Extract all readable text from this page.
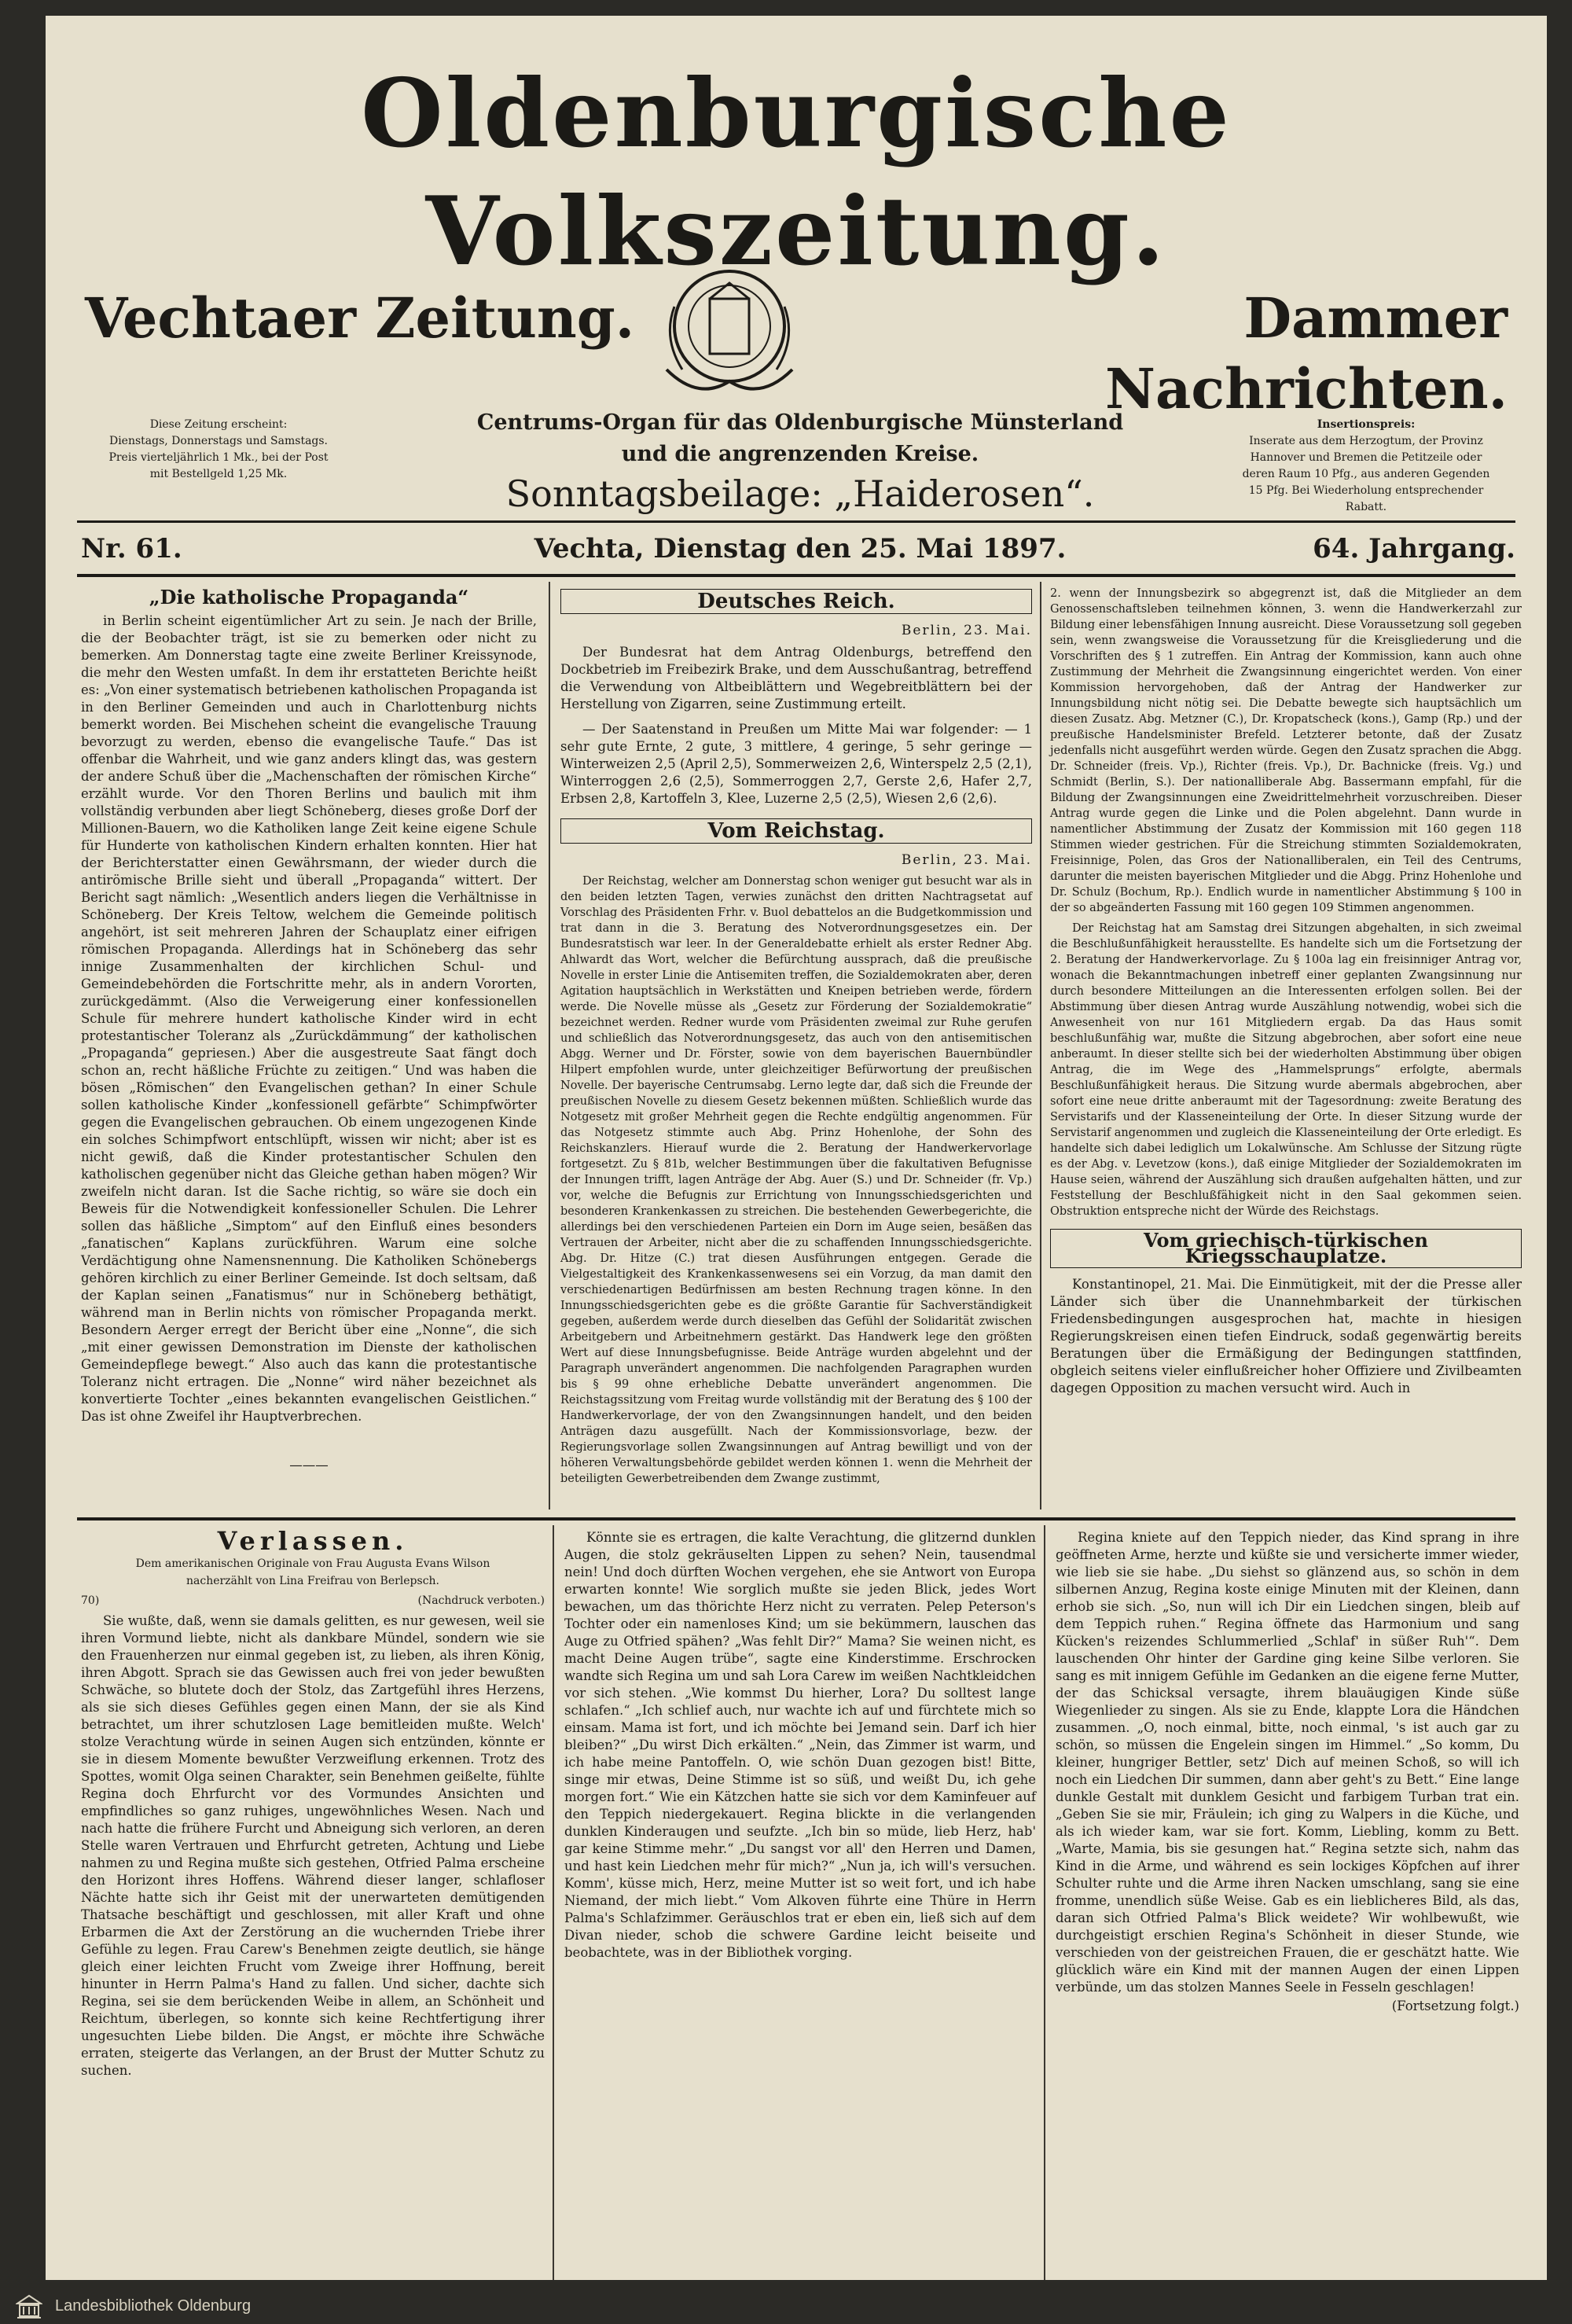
Oldenburgische Volkszeitung.
Vechtaer Zeitung.	Dammer Nachrichten.
Diese Zeitung erscheint:
Dienstags, Donnerstags und Samstags.
Preis vierteljährlich 1 Mk., bei der Post
mit Bestellgeld 1,25 Mk.
Centrums-Organ für das Oldenburgische Münsterland
und die angrenzenden Kreise.
Insertionspreis:
Inserate aus dem Herzogtum, der Provinz
Hannover und Bremen die Petitzeile oder
deren Raum 10 Pfg., aus anderen Gegenden
15 Pfg. Bei Wiederholung entsprechender
Rabatt.
Sonntagsbeilage: „Haiderosen“.
Nr. 61.	Vechta, Dienstag den 25. Mai 1897.	64. Jahrgang.
„Die katholische Propaganda“

in Berlin scheint eigentümlicher Art zu sein. Je nach der Brille, die der Beobachter trägt, ist sie zu bemerken oder nicht zu bemerken. Am Donnerstag tagte eine zweite Berliner Kreissynode, die mehr den Westen umfaßt. In dem ihr erstatteten Berichte heißt es: „Von einer systematisch betriebenen katholischen Propaganda ist in den Berliner Gemeinden und auch in Charlottenburg nichts bemerkt worden. Bei Mischehen scheint die evangelische Trauung bevorzugt zu werden, ebenso die evangelische Taufe.“ Das ist offenbar die Wahrheit, und wie ganz anders klingt das, was gestern der andere Schuß über die „Machenschaften der römischen Kirche“ erzählt wurde. Vor den Thoren Berlins und baulich mit ihm vollständig verbunden aber liegt Schöneberg, dieses große Dorf der Millionen-Bauern, wo die Katholiken lange Zeit keine eigene Schule für Hunderte von katholischen Kindern erhalten konnten. Hier hat der Berichterstatter einen Gewährsmann, der wieder durch die antirömische Brille sieht und überall „Propaganda“ wittert. Der Bericht sagt nämlich: „Wesentlich anders liegen die Verhältnisse in Schöneberg. Der Kreis Teltow, welchem die Gemeinde politisch angehört, ist seit mehreren Jahren der Schauplatz einer eifrigen römischen Propaganda. Allerdings hat in Schöneberg das sehr innige Zusammenhalten der kirchlichen Schul- und Gemeindebehörden die Fortschritte mehr, als in andern Vororten, zurückgedämmt. (Also die Verweigerung einer konfessionellen Schule für mehrere hundert katholische Kinder wird in echt protestantischer Toleranz als „Zurückdämmung“ der katholischen „Propaganda“ gepriesen.) Aber die ausgestreute Saat fängt doch schon an, recht häßliche Früchte zu zeitigen.“ Und was haben die bösen „Römischen“ den Evangelischen gethan? In einer Schule sollen katholische Kinder „konfessionell gefärbte“ Schimpfwörter gegen die Evangelischen gebrauchen. Ob einem ungezogenen Kinde ein solches Schimpfwort entschlüpft, wissen wir nicht; aber ist es nicht gewiß, daß die Kinder protestantischer Schulen den katholischen gegenüber nicht das Gleiche gethan haben mögen? Wir zweifeln nicht daran. Ist die Sache richtig, so wäre sie doch ein Beweis für die Notwendigkeit konfessioneller Schulen. Die Lehrer sollen das häßliche „Simptom“ auf den Einfluß eines besonders „fanatischen“ Kaplans zurückführen. Warum eine solche Verdächtigung ohne Namensnennung. Die Katholiken Schönebergs gehören kirchlich zu einer Berliner Gemeinde. Ist doch seltsam, daß der Kaplan seinen „Fanatismus“ nur in Schöneberg bethätigt, während man in Berlin nichts von römischer Propaganda merkt. Besondern Aerger erregt der Bericht über eine „Nonne“, die sich „mit einer gewissen Demonstration im Dienste der katholischen Gemeindepflege bewegt.“ Also auch das kann die protestantische Toleranz nicht ertragen. Die „Nonne“ wird näher bezeichnet als konvertierte Tochter „eines bekannten evangelischen Geistlichen.“ Das ist ohne Zweifel ihr Hauptverbrechen.

———
Deutsches Reich.
Berlin, 23. Mai.

Der Bundesrat hat dem Antrag Oldenburgs, betreffend den Dockbetrieb im Freibezirk Brake, und dem Ausschußantrag, betreffend die Verwendung von Altbeiblättern und Wegebreitblättern bei der Herstellung von Zigarren, seine Zustimmung erteilt.

— Der Saatenstand in Preußen um Mitte Mai war folgender: — 1 sehr gute Ernte, 2 gute, 3 mittlere, 4 geringe, 5 sehr geringe — Winterweizen 2,5 (April 2,5), Sommerweizen 2,6, Winterspelz 2,5 (2,1), Winterroggen 2,6 (2,5), Sommerroggen 2,7, Gerste 2,6, Hafer 2,7, Erbsen 2,8, Kartoffeln 3, Klee, Luzerne 2,5 (2,5), Wiesen 2,6 (2,6).

Vom Reichstag.
Berlin, 23. Mai.

Der Reichstag, welcher am Donnerstag schon weniger gut besucht war als in den beiden letzten Tagen, verwies zunächst den dritten Nachtragsetat auf Vorschlag des Präsidenten Frhr. v. Buol debattelos an die Budgetkommission und trat dann in die 3. Beratung des Notverordnungsgesetzes ein. Der Bundesratstisch war leer. In der Generaldebatte erhielt als erster Redner Abg. Ahlwardt das Wort, welcher die Befürchtung aussprach, daß die preußische Novelle in erster Linie die Antisemiten treffen, die Sozialdemokraten aber, deren Agitation hauptsächlich in Werkstätten und Kneipen betrieben werde, fördern werde. Die Novelle müsse als „Gesetz zur Förderung der Sozialdemokratie“ bezeichnet werden. Redner wurde vom Präsidenten zweimal zur Ruhe gerufen und schließlich das Notverordnungsgesetz, das auch von den antisemitischen Abgg. Werner und Dr. Förster, sowie von dem bayerischen Bauernbündler Hilpert empfohlen wurde, unter gleichzeitiger Befürwortung der preußischen Novelle. Der bayerische Centrumsabg. Lerno legte dar, daß sich die Freunde der preußischen Novelle zu diesem Gesetz bekennen müßten. Schließlich wurde das Notgesetz mit großer Mehrheit gegen die Rechte endgültig angenommen. Für das Notgesetz stimmte auch Abg. Prinz Hohenlohe, der Sohn des Reichskanzlers. Hierauf wurde die 2. Beratung der Handwerkervorlage fortgesetzt. Zu § 81b, welcher Bestimmungen über die fakultativen Befugnisse der Innungen trifft, lagen Anträge der Abg. Auer (S.) und Dr. Schneider (fr. Vp.) vor, welche die Befugnis zur Errichtung von Innungsschiedsgerichten und besonderen Krankenkassen zu streichen. Die bestehenden Gewerbegerichte, die allerdings bei den verschiedenen Parteien ein Dorn im Auge seien, besäßen das Vertrauen der Arbeiter, nicht aber die zu schaffenden Innungsschiedsgerichte. Abg. Dr. Hitze (C.) trat diesen Ausführungen entgegen. Gerade die Vielgestaltigkeit des Krankenkassenwesens sei ein Vorzug, da man damit den verschiedenartigen Bedürfnissen am besten Rechnung tragen könne. In den Innungsschiedsgerichten gebe es die größte Garantie für Sachverständigkeit gegeben, außerdem werde durch dieselben das Gefühl der Solidarität zwischen Arbeitgebern und Arbeitnehmern gestärkt. Das Handwerk lege den größten Wert auf diese Innungsbefugnisse. Beide Anträge wurden abgelehnt und der Paragraph unverändert angenommen. Die nachfolgenden Paragraphen wurden bis § 99 ohne erhebliche Debatte unverändert angenommen. Die Reichstagssitzung vom Freitag wurde vollständig mit der Beratung des § 100 der Handwerkervorlage, der von den Zwangsinnungen handelt, und den beiden Anträgen dazu ausgefüllt. Nach der Kommissionsvorlage, bezw. der Regierungsvorlage sollen Zwangsinnungen auf Antrag bewilligt und von der höheren Verwaltungsbehörde gebildet werden können 1. wenn die Mehrheit der beteiligten Gewerbetreibenden dem Zwange zustimmt,

2. wenn der Innungsbezirk so abgegrenzt ist, daß die Mitglieder an dem Genossenschaftsleben teilnehmen können, 3. wenn die Handwerkerzahl zur Bildung einer lebensfähigen Innung ausreicht. Diese Voraussetzung soll gegeben sein, wenn zwangsweise die Voraussetzung für die Kreisgliederung und die Vorschriften des § 1 zutreffen. Ein Antrag der Kommission, kann auch ohne Zustimmung der Mehrheit die Zwangsinnung eingerichtet werden. Von einer Kommission hervorgehoben, daß der Antrag der Handwerker zur Innungsbildung nicht nötig sei. Die Debatte bewegte sich hauptsächlich um diesen Zusatz. Abg. Metzner (C.), Dr. Kropatscheck (kons.), Gamp (Rp.) und der preußische Handelsminister Brefeld. Letzterer betonte, daß der Zusatz jedenfalls nicht ausgeführt werden würde. Gegen den Zusatz sprachen die Abgg. Dr. Schneider (freis. Vp.), Richter (freis. Vp.), Dr. Bachnicke (freis. Vg.) und Schmidt (Berlin, S.). Der nationalliberale Abg. Bassermann empfahl, für die Bildung der Zwangsinnungen eine Zweidrittelmehrheit vorzuschreiben. Dieser Antrag wurde gegen die Linke und die Polen abgelehnt. Dann wurde in namentlicher Abstimmung der Zusatz der Kommission mit 160 gegen 118 Stimmen wieder gestrichen. Für die Streichung stimmten Sozialdemokraten, Freisinnige, Polen, das Gros der Nationalliberalen, ein Teil des Centrums, darunter die meisten bayerischen Mitglieder und die Abgg. Prinz Hohenlohe und Dr. Schulz (Bochum, Rp.). Endlich wurde in namentlicher Abstimmung § 100 in der so abgeänderten Fassung mit 160 gegen 109 Stimmen angenommen.

Der Reichstag hat am Samstag drei Sitzungen abgehalten, in sich zweimal die Beschlußunfähigkeit herausstellte. Es handelte sich um die Fortsetzung der 2. Beratung der Handwerkervorlage. Zu § 100a lag ein freisinniger Antrag vor, wonach die Bekanntmachungen inbetreff einer geplanten Zwangsinnung nur durch besondere Mitteilungen an die Interessenten erfolgen sollen. Bei der Abstimmung über diesen Antrag wurde Auszählung notwendig, wobei sich die Anwesenheit von nur 161 Mitgliedern ergab. Da das Haus somit beschlußunfähig war, mußte die Sitzung abgebrochen, aber sofort eine neue anberaumt. In dieser stellte sich bei der wiederholten Abstimmung über obigen Antrag, die im Wege des „Hammelsprungs“ erfolgte, abermals Beschlußunfähigkeit heraus. Die Sitzung wurde abermals abgebrochen, aber sofort eine neue dritte anberaumt mit der Tagesordnung: zweite Beratung des Servistarifs und der Klasseneinteilung der Orte. In dieser Sitzung wurde der Servistarif angenommen und zugleich die Klasseneinteilung der Orte erledigt. Es handelte sich dabei lediglich um Lokalwünsche. Am Schlusse der Sitzung rügte es der Abg. v. Levetzow (kons.), daß einige Mitglieder der Sozialdemokraten im Hause seien, während der Auszählung sich draußen aufgehalten hätten, und zur Feststellung der Beschlußfähigkeit nicht in den Saal gekommen seien. Obstruktion entspreche nicht der Würde des Reichstags.

Vom griechisch-türkischen Kriegsschauplatze.

Konstantinopel, 21. Mai. Die Einmütigkeit, mit der die Presse aller Länder sich über die Unannehmbarkeit der türkischen Friedensbedingungen ausgesprochen hat, machte in hiesigen Regierungskreisen einen tiefen Eindruck, sodaß gegenwärtig bereits Beratungen über die Ermäßigung der Bedingungen stattfinden, obgleich seitens vieler einflußreicher hoher Offiziere und Zivilbeamten dagegen Opposition zu machen versucht wird. Auch in

Verlassen.
Dem amerikanischen Originale von Frau Augusta Evans Wilson
nacherzählt von Lina Freifrau von Berlepsch.
70)	(Nachdruck verboten.)

Sie wußte, daß, wenn sie damals gelitten, es nur gewesen, weil sie ihren Vormund liebte, nicht als dankbare Mündel, sondern wie sie den Frauenherzen nur einmal gegeben ist, zu lieben, als ihren König, ihren Abgott. Sprach sie das Gewissen auch frei von jeder bewußten Schwäche, so blutete doch der Stolz, das Zartgefühl ihres Herzens, als sie sich dieses Gefühles gegen einen Mann, der sie als Kind betrachtet, um ihrer schutzlosen Lage bemitleiden mußte. Welch' stolze Verachtung würde in seinen Augen sich entzünden, könnte er sie in diesem Momente bewußter Verzweiflung erkennen. Trotz des Spottes, womit Olga seinen Charakter, sein Benehmen geißelte, fühlte Regina doch Ehrfurcht vor des Vormundes Ansichten und empfindliches so ganz ruhiges, ungewöhnliches Wesen. Nach und nach hatte die frühere Furcht und Abneigung sich verloren, an deren Stelle waren Vertrauen und Ehrfurcht getreten, Achtung und Liebe nahmen zu und Regina mußte sich gestehen, Otfried Palma erscheine den Horizont ihres Hoffens. Während dieser langer, schlafloser Nächte hatte sich ihr Geist mit der unerwarteten demütigenden Thatsache beschäftigt und geschlossen, mit aller Kraft und ohne Erbarmen die Axt der Zerstörung an die wuchernden Triebe ihrer Gefühle zu legen. Frau Carew's Benehmen zeigte deutlich, sie hänge gleich einer leichten Frucht vom Zweige ihrer Hoffnung, bereit hinunter in Herrn Palma's Hand zu fallen. Und sicher, dachte sich Regina, sei sie dem berückenden Weibe in allem, an Schönheit und Reichtum, überlegen, so konnte sich keine Rechtfertigung ihrer ungesuchten Liebe bilden. Die Angst, er möchte ihre Schwäche erraten, steigerte das Verlangen, an der Brust der Mutter Schutz zu suchen.

Könnte sie es ertragen, die kalte Verachtung, die glitzernd dunklen Augen, die stolz gekräuselten Lippen zu sehen? Nein, tausendmal nein! Und doch dürften Wochen vergehen, ehe sie Antwort von Europa erwarten konnte! Wie sorglich mußte sie jeden Blick, jedes Wort bewachen, um das thörichte Herz nicht zu verraten. Pelep Peterson's Tochter oder ein namenloses Kind; um sie bekümmern, lauschen das Auge zu Otfried spähen? „Was fehlt Dir?“ Mama? Sie weinen nicht, es macht Deine Augen trübe“, sagte eine Kinderstimme. Erschrocken wandte sich Regina um und sah Lora Carew im weißen Nachtkleidchen vor sich stehen. „Wie kommst Du hierher, Lora? Du solltest lange schlafen.“ „Ich schlief auch, nur wachte ich auf und fürchtete mich so einsam. Mama ist fort, und ich möchte bei Jemand sein. Darf ich hier bleiben?“ „Du wirst Dich erkälten.“ „Nein, das Zimmer ist warm, und ich habe meine Pantoffeln. O, wie schön Duan gezogen bist! Bitte, singe mir etwas, Deine Stimme ist so süß, und weißt Du, ich gehe morgen fort.“ Wie ein Kätzchen hatte sie sich vor dem Kaminfeuer auf den Teppich niedergekauert. Regina blickte in die verlangenden dunklen Kinderaugen und seufzte. „Ich bin so müde, lieb Herz, hab' gar keine Stimme mehr.“ „Du sangst vor all' den Herren und Damen, und hast kein Liedchen mehr für mich?“ „Nun ja, ich will's versuchen. Komm', küsse mich, Herz, meine Mutter ist so weit fort, und ich habe Niemand, der mich liebt.“ Vom Alkoven führte eine Thüre in Herrn Palma's Schlafzimmer. Geräuschlos trat er eben ein, ließ sich auf dem Divan nieder, schob die schwere Gardine leicht beiseite und beobachtete, was in der Bibliothek vorging.

Regina kniete auf den Teppich nieder, das Kind sprang in ihre geöffneten Arme, herzte und küßte sie und versicherte immer wieder, wie lieb sie sie habe. „Du siehst so glänzend aus, so schön in dem silbernen Anzug, Regina koste einige Minuten mit der Kleinen, dann erhob sie sich. „So, nun will ich Dir ein Liedchen singen, bleib auf dem Teppich ruhen.“ Regina öffnete das Harmonium und sang Kücken's reizendes Schlummerlied „Schlaf' in süßer Ruh'“. Dem lauschenden Ohr hinter der Gardine ging keine Silbe verloren. Sie sang es mit innigem Gefühle im Gedanken an die eigene ferne Mutter, der das Schicksal versagte, ihrem blauäugigen Kinde süße Wiegenlieder zu singen. Als sie zu Ende, klappte Lora die Händchen zusammen. „O, noch einmal, bitte, noch einmal, 's ist auch gar zu schön, so müssen die Engelein singen im Himmel.“ „So komm, Du kleiner, hungriger Bettler, setz' Dich auf meinen Schoß, so will ich noch ein Liedchen Dir summen, dann aber geht's zu Bett.“ Eine lange dunkle Gestalt mit dunklem Gesicht und farbigem Turban trat ein. „Geben Sie sie mir, Fräulein; ich ging zu Walpers in die Küche, und als ich wieder kam, war sie fort. Komm, Liebling, komm zu Bett. „Warte, Mamia, bis sie gesungen hat.“ Regina setzte sich, nahm das Kind in die Arme, und während es sein lockiges Köpfchen auf ihrer Schulter ruhte und die Arme ihren Nacken umschlang, sang sie eine fromme, unendlich süße Weise. Gab es ein lieblicheres Bild, als das, daran sich Otfried Palma's Blick weidete? Wir wohlbewußt, wie durchgeistigt erschien Regina's Schönheit in dieser Stunde, wie verschieden von der geistreichen Frauen, die er geschätzt hatte. Wie glücklich wäre ein Kind mit der mannen Augen der einen Lippen verbünde, um das stolzen Mannes Seele in Fesseln geschlagen!

(Fortsetzung folgt.)
Landesbibliothek Oldenburg
